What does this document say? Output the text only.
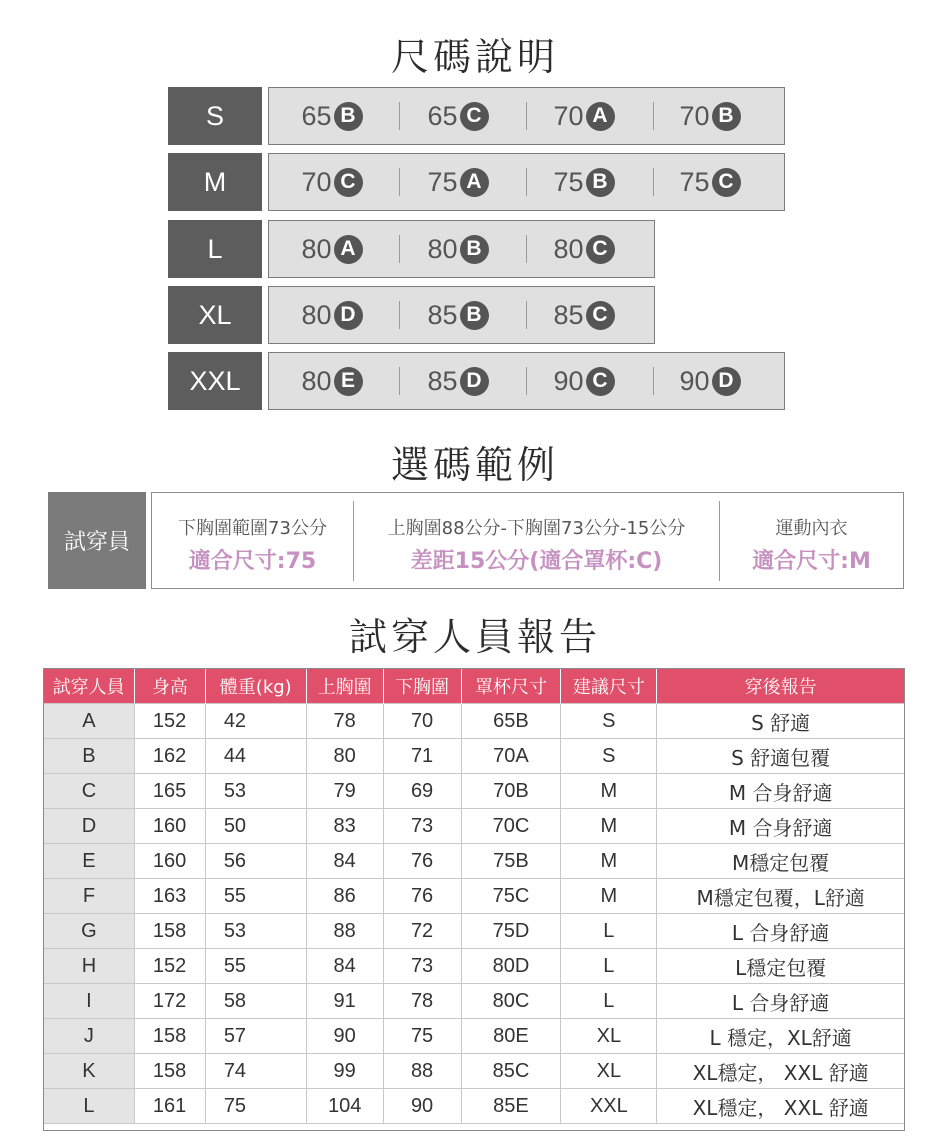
尺碼說明
S	65 B	65 C	70 A	70 B
M	70 C	75 A	75 B	75 C
L	80 A	80 B	80 C
XL	80 D	85 B	85 C
XXL	80 E	85 D	90 C	90 D
選碼範例
試穿員
下胸圍範圍73公分
適合尺寸:75
上胸圍88公分-下胸圍73公分-15公分
差距15公分(適合罩杯:C)
運動內衣
適合尺寸:M
試穿人員報告
試穿人員	身高	體重(kg)	上胸圍	下胸圍	罩杯尺寸	建議尺寸	穿後報告
A	152	42	78	70	65B	S	S 舒適
B	162	44	80	71	70A	S	S 舒適包覆
C	165	53	79	69	70B	M	M 合身舒適
D	160	50	83	73	70C	M	M 合身舒適
E	160	56	84	76	75B	M	M穩定包覆
F	163	55	86	76	75C	M	M穩定包覆，L舒適
G	158	53	88	72	75D	L	L 合身舒適
H	152	55	84	73	80D	L	L穩定包覆
I	172	58	91	78	80C	L	L 合身舒適
J	158	57	90	75	80E	XL	L 穩定，XL舒適
K	158	74	99	88	85C	XL	XL穩定， XXL 舒適
L	161	75	104	90	85E	XXL	XL穩定， XXL 舒適
